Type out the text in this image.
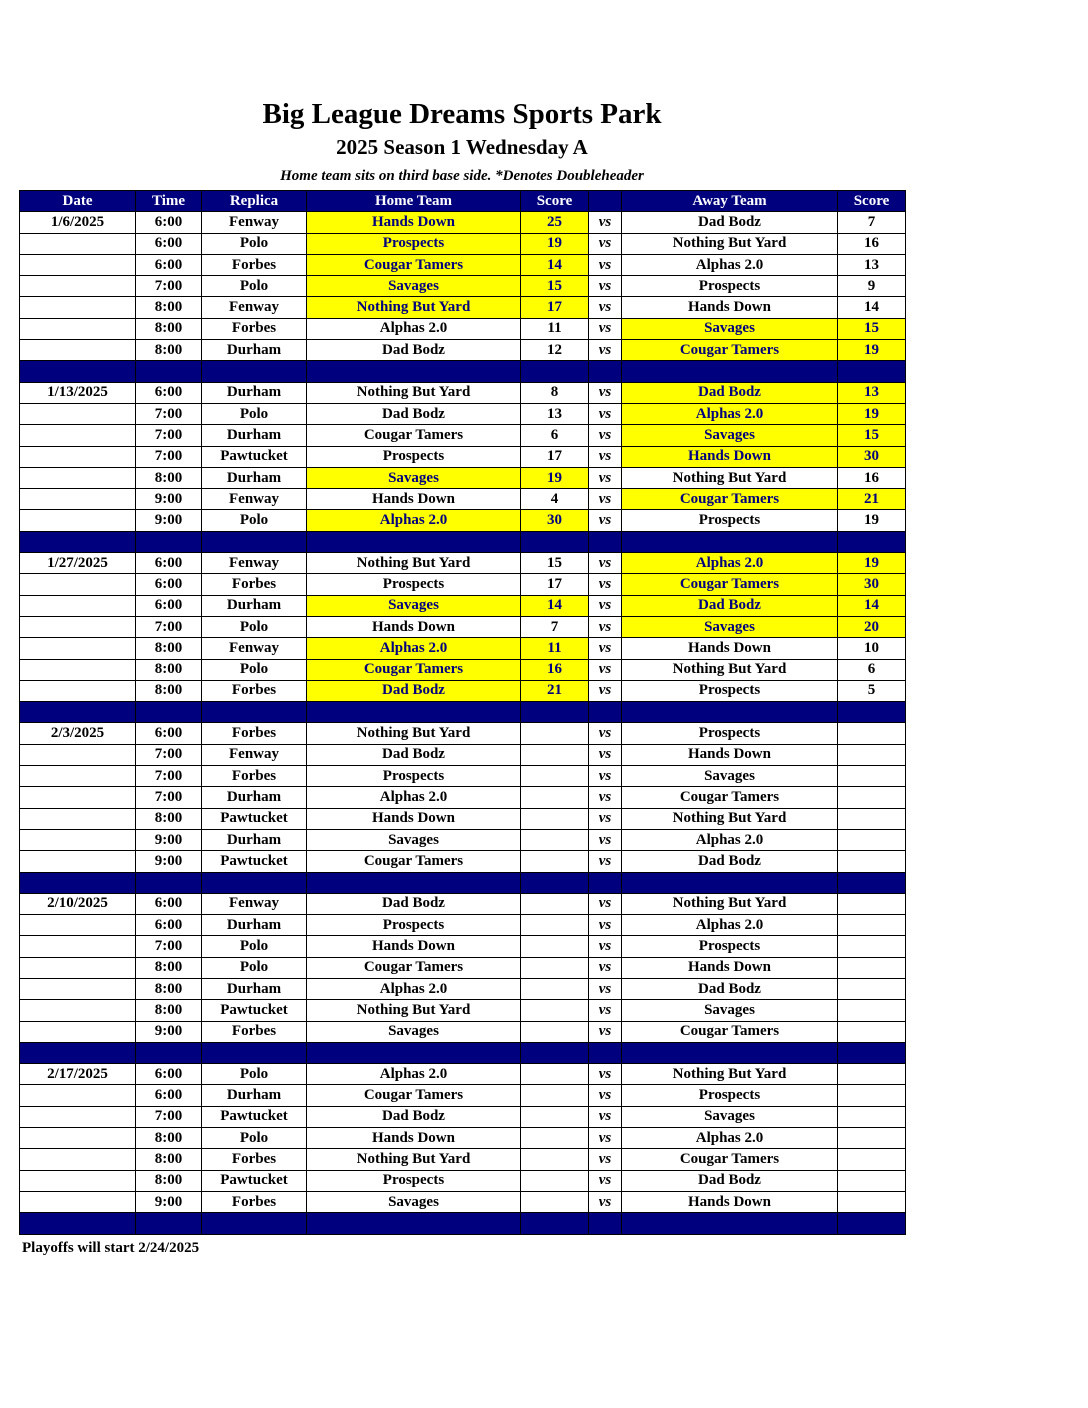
Big League Dreams Sports Park
2025 Season 1 Wednesday A
Home team sits on third base side. *Denotes Doubleheader
Date	Time	Replica	Home Team	Score		Away Team	Score
1/6/2025	6:00	Fenway	Hands Down	25	vs	Dad Bodz	7
	6:00	Polo	Prospects	19	vs	Nothing But Yard	16
	6:00	Forbes	Cougar Tamers	14	vs	Alphas 2.0	13
	7:00	Polo	Savages	15	vs	Prospects	9
	8:00	Fenway	Nothing But Yard	17	vs	Hands Down	14
	8:00	Forbes	Alphas 2.0	11	vs	Savages	15
	8:00	Durham	Dad Bodz	12	vs	Cougar Tamers	19

1/13/2025	6:00	Durham	Nothing But Yard	8	vs	Dad Bodz	13
	7:00	Polo	Dad Bodz	13	vs	Alphas 2.0	19
	7:00	Durham	Cougar Tamers	6	vs	Savages	15
	7:00	Pawtucket	Prospects	17	vs	Hands Down	30
	8:00	Durham	Savages	19	vs	Nothing But Yard	16
	9:00	Fenway	Hands Down	4	vs	Cougar Tamers	21
	9:00	Polo	Alphas 2.0	30	vs	Prospects	19

1/27/2025	6:00	Fenway	Nothing But Yard	15	vs	Alphas 2.0	19
	6:00	Forbes	Prospects	17	vs	Cougar Tamers	30
	6:00	Durham	Savages	14	vs	Dad Bodz	14
	7:00	Polo	Hands Down	7	vs	Savages	20
	8:00	Fenway	Alphas 2.0	11	vs	Hands Down	10
	8:00	Polo	Cougar Tamers	16	vs	Nothing But Yard	6
	8:00	Forbes	Dad Bodz	21	vs	Prospects	5

2/3/2025	6:00	Forbes	Nothing But Yard		vs	Prospects	
	7:00	Fenway	Dad Bodz		vs	Hands Down	
	7:00	Forbes	Prospects		vs	Savages	
	7:00	Durham	Alphas 2.0		vs	Cougar Tamers	
	8:00	Pawtucket	Hands Down		vs	Nothing But Yard	
	9:00	Durham	Savages		vs	Alphas 2.0	
	9:00	Pawtucket	Cougar Tamers		vs	Dad Bodz	

2/10/2025	6:00	Fenway	Dad Bodz		vs	Nothing But Yard	
	6:00	Durham	Prospects		vs	Alphas 2.0	
	7:00	Polo	Hands Down		vs	Prospects	
	8:00	Polo	Cougar Tamers		vs	Hands Down	
	8:00	Durham	Alphas 2.0		vs	Dad Bodz	
	8:00	Pawtucket	Nothing But Yard		vs	Savages	
	9:00	Forbes	Savages		vs	Cougar Tamers	

2/17/2025	6:00	Polo	Alphas 2.0		vs	Nothing But Yard	
	6:00	Durham	Cougar Tamers		vs	Prospects	
	7:00	Pawtucket	Dad Bodz		vs	Savages	
	8:00	Polo	Hands Down		vs	Alphas 2.0	
	8:00	Forbes	Nothing But Yard		vs	Cougar Tamers	
	8:00	Pawtucket	Prospects		vs	Dad Bodz	
	9:00	Forbes	Savages		vs	Hands Down	

Playoffs will start 2/24/2025
